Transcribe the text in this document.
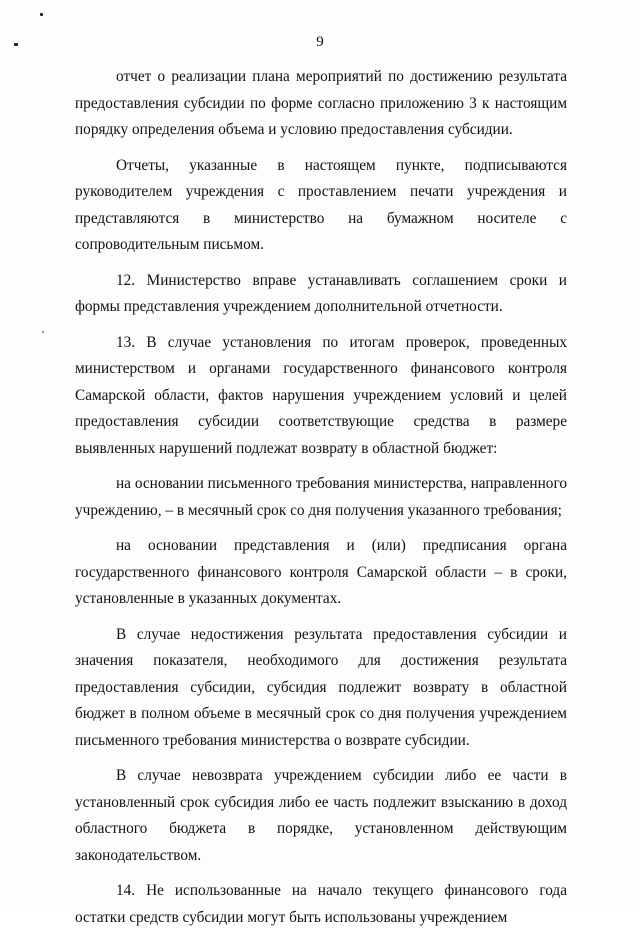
9

отчет о реализации плана мероприятий по достижению результата предоставления субсидии по форме согласно приложению 3 к настоящим порядку определения объема и условию предоставления субсидии.

Отчеты, указанные в настоящем пункте, подписываются руководителем учреждения с проставлением печати учреждения и представляются в министерство на бумажном носителе с сопроводительным письмом.

12. Министерство вправе устанавливать соглашением сроки и формы представления учреждением дополнительной отчетности.

13. В случае установления по итогам проверок, проведенных министерством и органами государственного финансового контроля Самарской области, фактов нарушения учреждением условий и целей предоставления субсидии соответствующие средства в размере выявленных нарушений подлежат возврату в областной бюджет:

на основании письменного требования министерства, направленного учреждению, – в месячный срок со дня получения указанного требования;

на основании представления и (или) предписания органа государственного финансового контроля Самарской области – в сроки, установленные в указанных документах.

В случае недостижения результата предоставления субсидии и значения показателя, необходимого для достижения результата предоставления субсидии, субсидия подлежит возврату в областной бюджет в полном объеме в месячный срок со дня получения учреждением письменного требования министерства о возврате субсидии.

В случае невозврата учреждением субсидии либо ее части в установленный срок субсидия либо ее часть подлежит взысканию в доход областного бюджета в порядке, установленном действующим законодательством.

14. Не использованные на начало текущего финансового года остатки средств субсидии могут быть использованы учреждением
